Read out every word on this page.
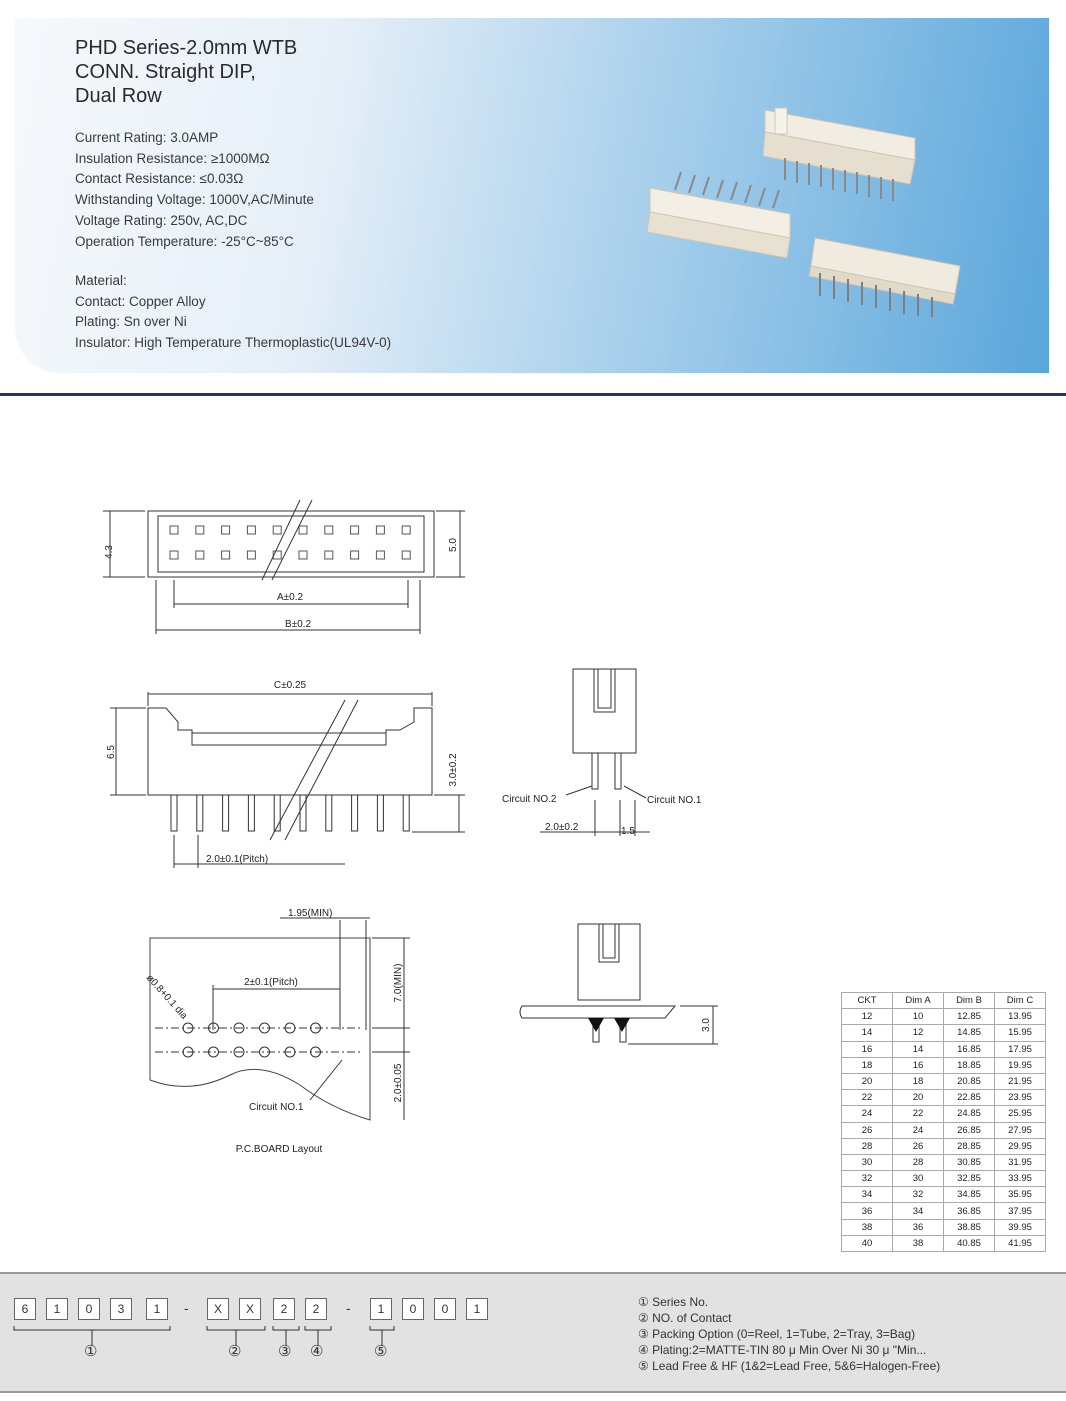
PHD Series-2.0mm WTB
CONN. Straight DIP,
Dual Row
Current Rating: 3.0AMP
Insulation Resistance: ≥1000MΩ
Contact Resistance: ≤0.03Ω
Withstanding Voltage: 1000V,AC/Minute
Voltage Rating: 250v, AC,DC
Operation Temperature: -25°C~85°C
Material:
Contact: Copper Alloy
Plating: Sn over Ni
Insulator: High Temperature Thermoplastic(UL94V-0)
4.3
5.0
A±0.2
B±0.2
C±0.25
6.5
3.0±0.2
2.0±0.1(Pitch)
Circuit NO.2	Circuit NO.1
2.0±0.2	1.5
1.95(MIN)
ø0.8+0.1 dia	2±0.1(Pitch)	7.0(MIN)
2.0±0.05
Circuit NO.1
P.C.BOARD Layout
3.0
CKT	Dim A	Dim B	Dim C
12	10	12.85	13.95
14	12	14.85	15.95
16	14	16.85	17.95
18	16	18.85	19.95
20	18	20.85	21.95
22	20	22.85	23.95
24	22	24.85	25.95
26	24	26.85	27.95
28	26	28.85	29.95
30	28	30.85	31.95
32	30	32.85	33.95
34	32	34.85	35.95
36	34	36.85	37.95
38	36	38.85	39.95
40	38	40.85	41.95
6	1	0	3	1	X	X	2	2	1	0	0	1
-	-
①	② ③ ④	⑤
① Series No.
② NO. of Contact
③ Packing Option (0=Reel, 1=Tube, 2=Tray, 3=Bag)
④ Plating:2=MATTE-TIN 80 μ Min Over Ni 30 μ "Min...
⑤ Lead Free & HF (1&2=Lead Free, 5&6=Halogen-Free)
